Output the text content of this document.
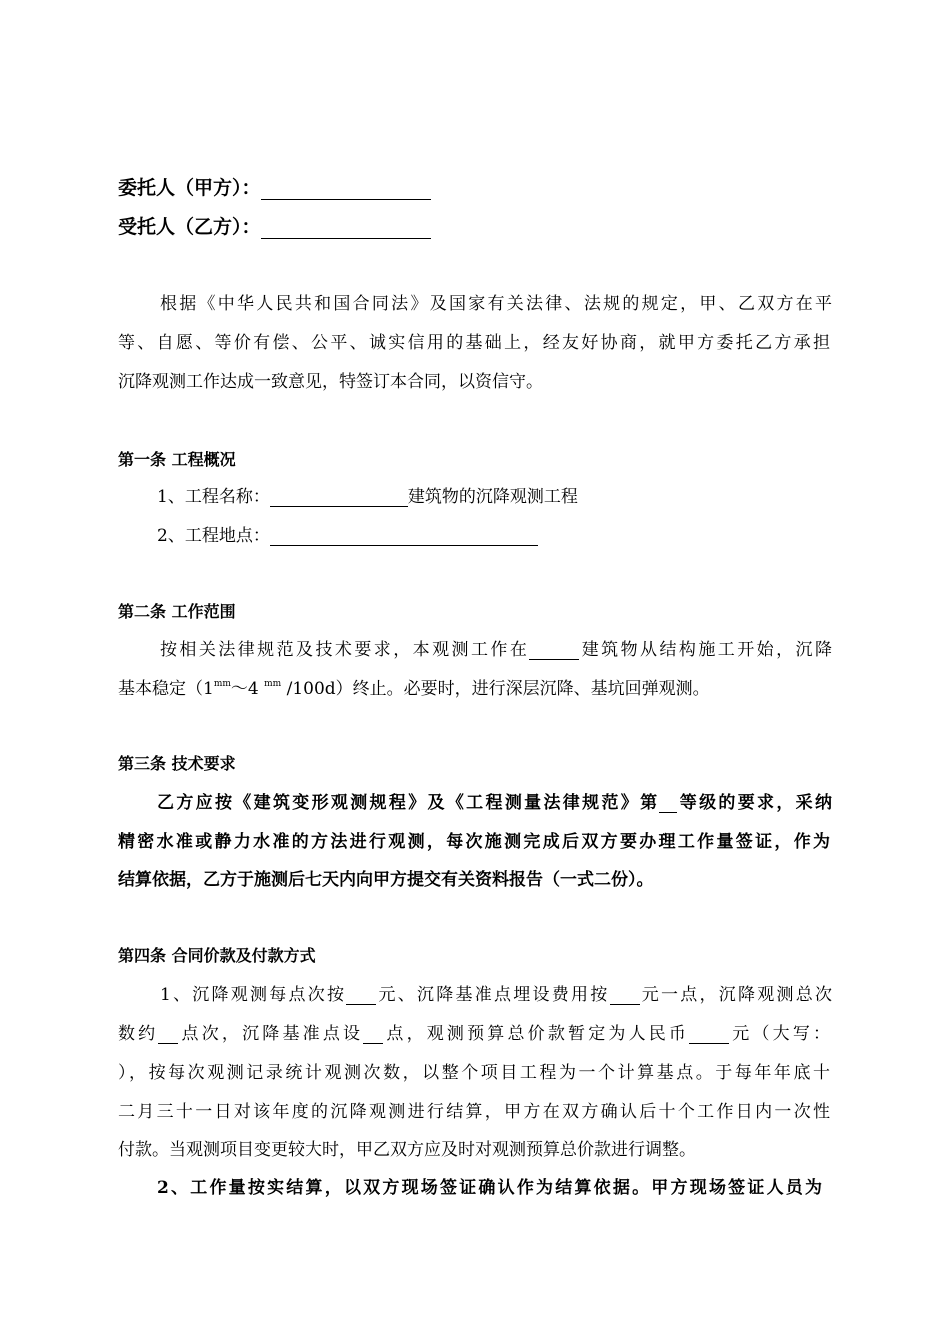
委托人（甲方）：
受托人（乙方）：
根据《中华人民共和国合同法》及国家有关法律、法规的规定，甲、乙双方在平
等、自愿、等价有偿、公平、诚实信用的基础上，经友好协商，就甲方委托乙方承担
沉降观测工作达成一致意见，特签订本合同，以资信守。
第一条 工程概况
1、工程名称：	建筑物的沉降观测工程
2、工程地点：
第二条 工作范围
按相关法律规范及技术要求，本观测工作在	建筑物从结构施工开始，沉降
基本稳定（$1^{mm}\sim 4$ $^{mm}$ /100d）终止。必要时，进行深层沉降、基坑回弹观测。
第三条 技术要求
乙方应按《建筑变形观测规程》及《工程测量法律规范》第 等级的要求，采纳
精密水准或静力水准的方法进行观测，每次施测完成后双方要办理工作量签证，作为
结算依据，乙方于施测后七天内向甲方提交有关资料报告（一式二份）。
第四条 合同价款及付款方式
1、沉降观测每点次按 元、沉降基准点埋设费用按 元一点，沉降观测总次
数约 点次，沉降基准点设 点，观测预算总价款暂定为人民币 元（大写：
），按每次观测记录统计观测次数，以整个项目工程为一个计算基点。于每年年底十
二月三十一日对该年度的沉降观测进行结算，甲方在双方确认后十个工作日内一次性
付款。当观测项目变更较大时，甲乙双方应及时对观测预算总价款进行调整。
2、工作量按实结算，以双方现场签证确认作为结算依据。甲方现场签证人员为
